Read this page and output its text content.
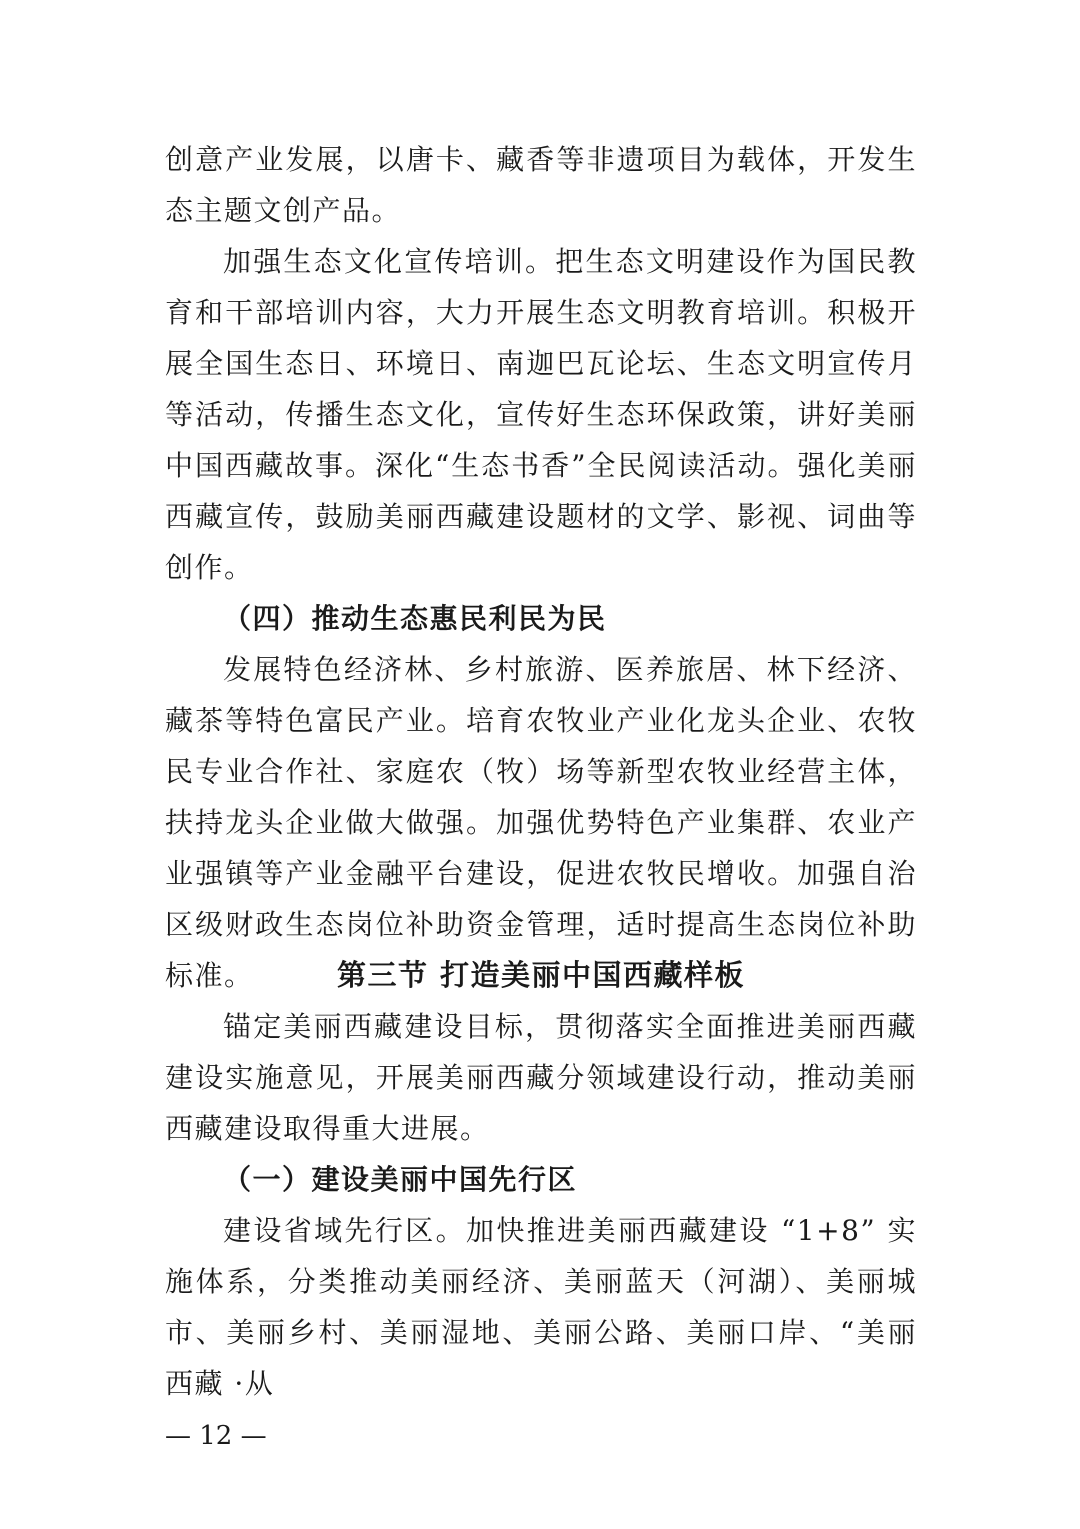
创意产业发展，以唐卡、藏香等非遗项目为载体，开发生态主题文创产品。

加强生态文化宣传培训。把生态文明建设作为国民教育和干部培训内容，大力开展生态文明教育培训。积极开展全国生态日、环境日、南迦巴瓦论坛、生态文明宣传月等活动，传播生态文化，宣传好生态环保政策，讲好美丽中国西藏故事。深化“生态书香”全民阅读活动。强化美丽西藏宣传，鼓励美丽西藏建设题材的文学、影视、词曲等创作。

（四）推动生态惠民利民为民

发展特色经济林、乡村旅游、医养旅居、林下经济、藏茶等特色富民产业。培育农牧业产业化龙头企业、农牧民专业合作社、家庭农（牧）场等新型农牧业经营主体，扶持龙头企业做大做强。加强优势特色产业集群、农业产业强镇等产业金融平台建设，促进农牧民增收。加强自治区级财政生态岗位补助资金管理，适时提高生态岗位补助标准。	第三节 打造美丽中国西藏样板

锚定美丽西藏建设目标，贯彻落实全面推进美丽西藏建设实施意见，开展美丽西藏分领域建设行动，推动美丽西藏建设取得重大进展。

（一）建设美丽中国先行区

建设省域先行区。加快推进美丽西藏建设 “1+8” 实施体系，分类推动美丽经济、美丽蓝天（河湖）、美丽城市、美丽乡村、美丽湿地、美丽公路、美丽口岸、“美丽西藏 ·从

— 12 —
